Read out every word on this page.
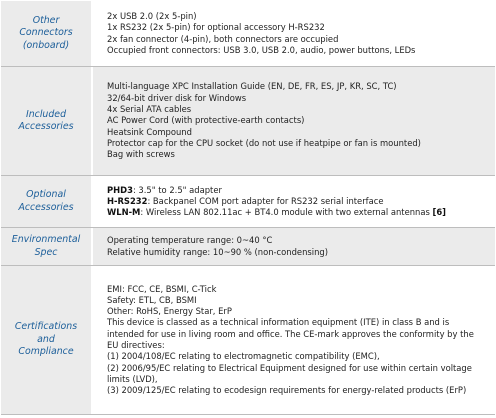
Other
Connectors
(onboard)
2x USB 2.0 (2x 5-pin)
1x RS232 (2x 5-pin) for optional accessory H-RS232
2x fan connector (4-pin), both connectors are occupied
Occupied front connectors: USB 3.0, USB 2.0, audio, power buttons, LEDs
Included
Accessories
Multi-language XPC Installation Guide (EN, DE, FR, ES, JP, KR, SC, TC)
32/64-bit driver disk for Windows
4x Serial ATA cables
AC Power Cord (with protective-earth contacts)
Heatsink Compound
Protector cap for the CPU socket (do not use if heatpipe or fan is mounted)
Bag with screws
Optional
Accessories
PHD3: 3.5" to 2.5" adapter
H-RS232: Backpanel COM port adapter for RS232 serial interface
WLN-M: Wireless LAN 802.11ac + BT4.0 module with two external antennas [6]
Environmental
Spec
Operating temperature range: 0~40 °C
Relative humidity range: 10~90 % (non-condensing)
Certifications
and
Compliance
EMI: FCC, CE, BSMI, C-Tick
Safety: ETL, CB, BSMI
Other: RoHS, Energy Star, ErP
This device is classed as a technical information equipment (ITE) in class B and is
intended for use in living room and office. The CE-mark approves the conformity by the
EU directives:
(1) 2004/108/EC relating to electromagnetic compatibility (EMC),
(2) 2006/95/EC relating to Electrical Equipment designed for use within certain voltage
limits (LVD),
(3) 2009/125/EC relating to ecodesign requirements for energy-related products (ErP)
